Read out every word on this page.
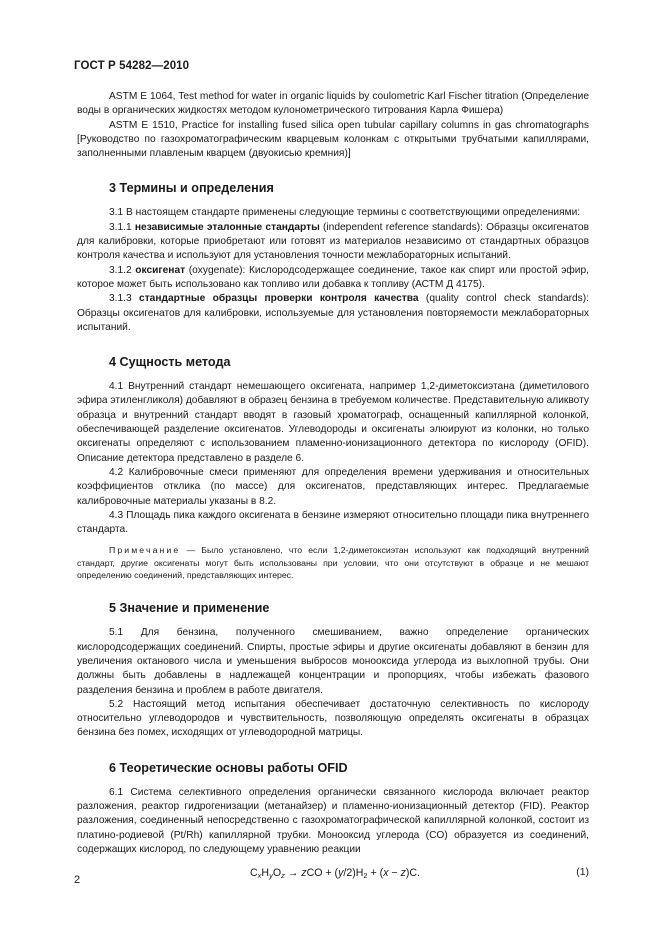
ГОСТ Р 54282—2010

ASTM E 1064, Test method for water in organic liquids by coulometric Karl Fischer titration (Определение воды в органических жидкостях методом кулонометрического титрования Карла Фишера)

ASTM E 1510, Practice for installing fused silica open tubular capillary columns in gas chromatographs [Руководство по газохроматографическим кварцевым колонкам с открытыми трубчатыми капиллярами, заполненными плавленым кварцем (двуокисью кремния)]

3 Термины и определения

3.1 В настоящем стандарте применены следующие термины с соответствующими определениями:

3.1.1 независимые эталонные стандарты (independent reference standards): Образцы оксигенатов для калибровки, которые приобретают или готовят из материалов независимо от стандартных образцов контроля качества и используют для установления точности межлабораторных испытаний.

3.1.2 оксигенат (oxygenate): Кислородсодержащее соединение, такое как спирт или простой эфир, которое может быть использовано как топливо или добавка к топливу (АСТМ Д 4175).

3.1.3 стандартные образцы проверки контроля качества (quality control check standards): Образцы оксигенатов для калибровки, используемые для установления повторяемости межлабораторных испытаний.

4 Сущность метода

4.1 Внутренний стандарт немешающего оксигената, например 1,2-диметоксиэтана (диметилового эфира этиленгликоля) добавляют в образец бензина в требуемом количестве. Представительную аликвоту образца и внутренний стандарт вводят в газовый хроматограф, оснащенный капиллярной колонкой, обеспечивающей разделение оксигенатов. Углеводороды и оксигенаты элюируют из колонки, но только оксигенаты определяют с использованием пламенно-ионизационного детектора по кислороду (OFID). Описание детектора представлено в разделе 6.

4.2 Калибровочные смеси применяют для определения времени удерживания и относительных коэффициентов отклика (по массе) для оксигенатов, представляющих интерес. Предлагаемые калибровочные материалы указаны в 8.2.

4.3 Площадь пика каждого оксигената в бензине измеряют относительно площади пика внутреннего стандарта.

Примечание — Было установлено, что если 1,2-диметоксиэтан используют как подходящий внутренний стандарт, другие оксигенаты могут быть использованы при условии, что они отсутствуют в образце и не мешают определению соединений, представляющих интерес.

5 Значение и применение

5.1 Для бензина, полученного смешиванием, важно определение органических кислородсодержащих соединений. Спирты, простые эфиры и другие оксигенаты добавляют в бензин для увеличения октанового числа и уменьшения выбросов монооксида углерода из выхлопной трубы. Они должны быть добавлены в надлежащей концентрации и пропорциях, чтобы избежать фазового разделения бензина и проблем в работе двигателя.

5.2 Настоящий метод испытания обеспечивает достаточную селективность по кислороду относительно углеводородов и чувствительность, позволяющую определять оксигенаты в образцах бензина без помех, исходящих от углеводородной матрицы.

6 Теоретические основы работы OFID

6.1 Система селективного определения органически связанного кислорода включает реактор разложения, реактор гидрогенизации (метанайзер) и пламенно-ионизационный детектор (FID). Реактор разложения, соединенный непосредственно с газохроматографической капиллярной колонкой, состоит из платино-родиевой (Pt/Rh) капиллярной трубки. Монооксид углерода (CO) образуется из соединений, содержащих кислород, по следующему уравнению реакции

$C_xH_yO_z$ → zCO + $(y/2)H_2 + (x - z)C$.	(1)
2
